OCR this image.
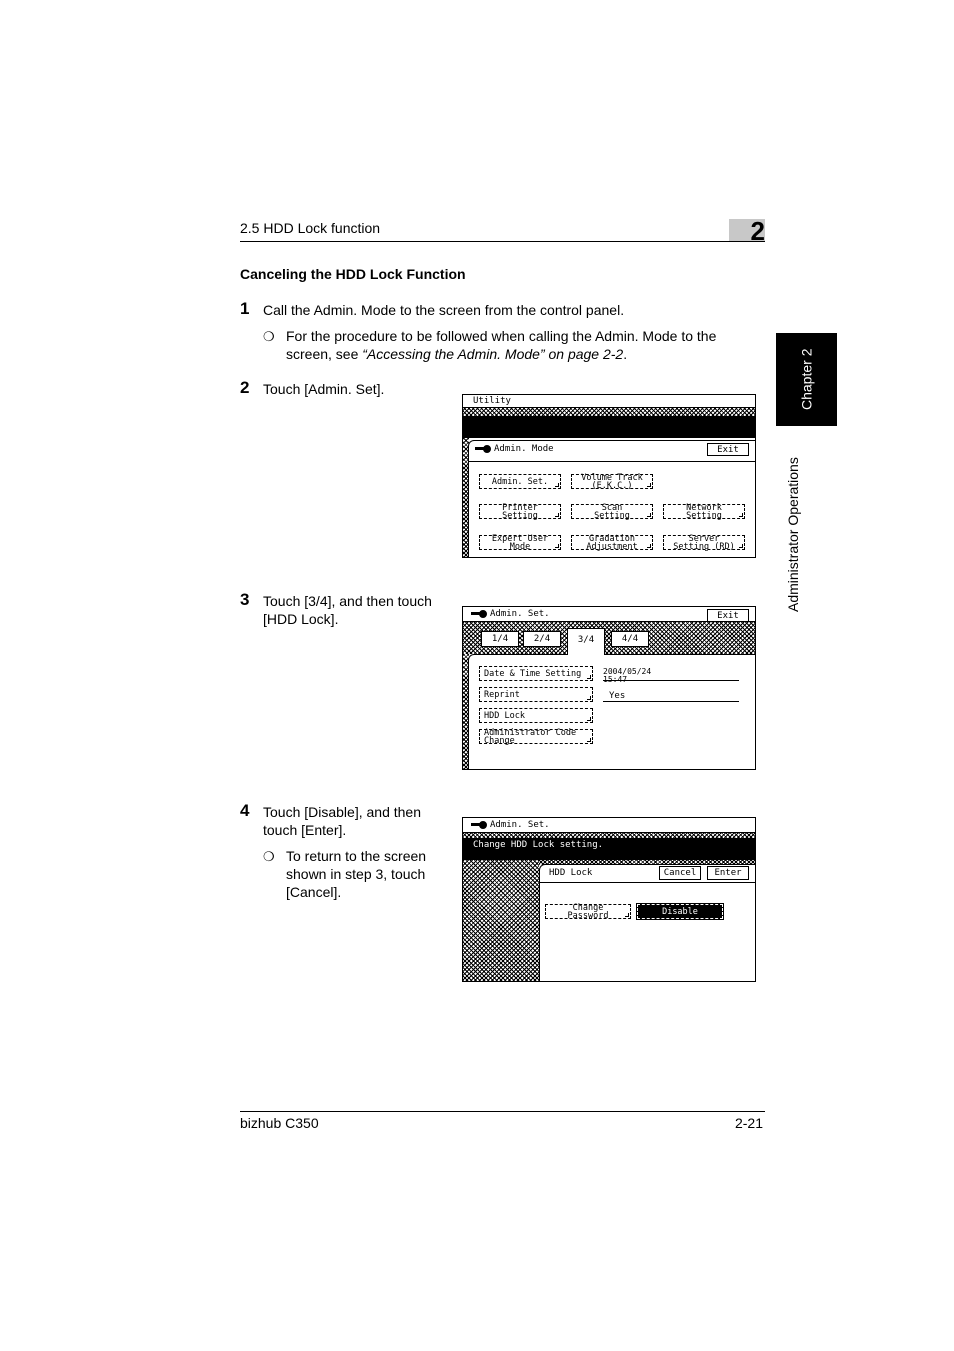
2.5 HDD Lock function	2
Chapter 2
Administrator Operations
Canceling the HDD Lock Function
1 Call the Admin. Mode to the screen from the control panel.
❍ For the procedure to be followed when calling the Admin. Mode to the screen, see “Accessing the Admin. Mode” on page 2-2.
2 Touch [Admin. Set].
Utility
Admin. Mode	Exit
Admin. Set.	Volume Track
(E.K.C.)
Printer
Setting
Scan
Setting
Network
Setting
Expert User
Mode
Gradation
Adjustment
Server
Setting (RD)
3 Touch [3/4], and then touch
[HDD Lock].	Admin. Set.	Exit
1/4	2/4	3/4	4/4
Date & Time Setting
Reprint
HDD Lock
Administrator Code
Change
2004/05/24
Yes
4 Touch [Disable], and then
touch [Enter].
❍ To return to the screen
shown in step 3, touch
[Cancel].
Admin. Set.
Change HDD Lock setting.
HDD Lock	Cancel	Enter
Change
Password	Disable
bizhub C350	2-21
